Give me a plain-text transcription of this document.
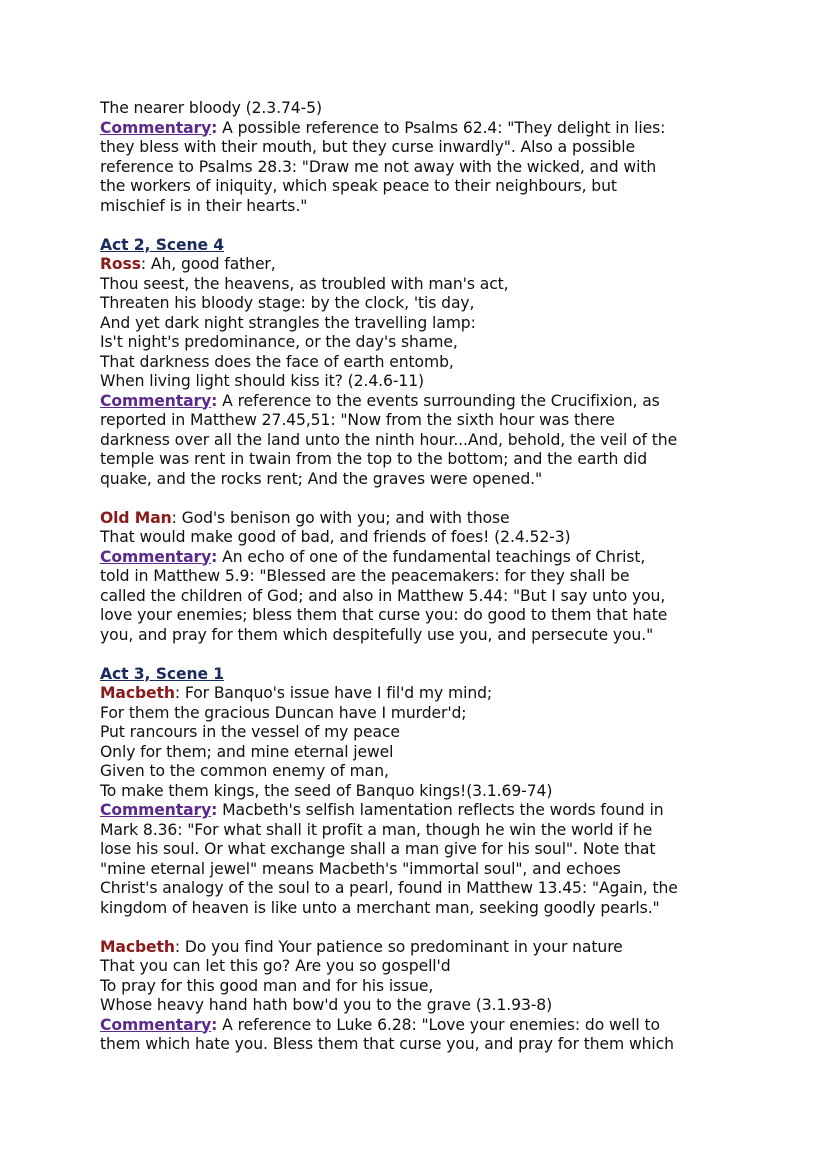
The nearer bloody (2.3.74-5)
Commentary: A possible reference to Psalms 62.4: "They delight in lies:
they bless with their mouth, but they curse inwardly". Also a possible
reference to Psalms 28.3: "Draw me not away with the wicked, and with
the workers of iniquity, which speak peace to their neighbours, but
mischief is in their hearts."
Act 2, Scene 4
Ross: Ah, good father,
Thou seest, the heavens, as troubled with man's act,
Threaten his bloody stage: by the clock, 'tis day,
And yet dark night strangles the travelling lamp:
Is't night's predominance, or the day's shame,
That darkness does the face of earth entomb,
When living light should kiss it? (2.4.6-11)
Commentary: A reference to the events surrounding the Crucifixion, as
reported in Matthew 27.45,51: "Now from the sixth hour was there
darkness over all the land unto the ninth hour...And, behold, the veil of the
temple was rent in twain from the top to the bottom; and the earth did
quake, and the rocks rent; And the graves were opened."
Old Man: God's benison go with you; and with those
That would make good of bad, and friends of foes! (2.4.52-3)
Commentary: An echo of one of the fundamental teachings of Christ,
told in Matthew 5.9: "Blessed are the peacemakers: for they shall be
called the children of God; and also in Matthew 5.44: "But I say unto you,
love your enemies; bless them that curse you: do good to them that hate
you, and pray for them which despitefully use you, and persecute you."
Act 3, Scene 1
Macbeth: For Banquo's issue have I fil'd my mind;
For them the gracious Duncan have I murder'd;
Put rancours in the vessel of my peace
Only for them; and mine eternal jewel
Given to the common enemy of man,
To make them kings, the seed of Banquo kings!(3.1.69-74)
Commentary: Macbeth's selfish lamentation reflects the words found in
Mark 8.36: "For what shall it profit a man, though he win the world if he
lose his soul. Or what exchange shall a man give for his soul". Note that
"mine eternal jewel" means Macbeth's "immortal soul", and echoes
Christ's analogy of the soul to a pearl, found in Matthew 13.45: "Again, the
kingdom of heaven is like unto a merchant man, seeking goodly pearls."
Macbeth: Do you find Your patience so predominant in your nature
That you can let this go? Are you so gospell'd
To pray for this good man and for his issue,
Whose heavy hand hath bow'd you to the grave (3.1.93-8)
Commentary: A reference to Luke 6.28: "Love your enemies: do well to
them which hate you. Bless them that curse you, and pray for them which
